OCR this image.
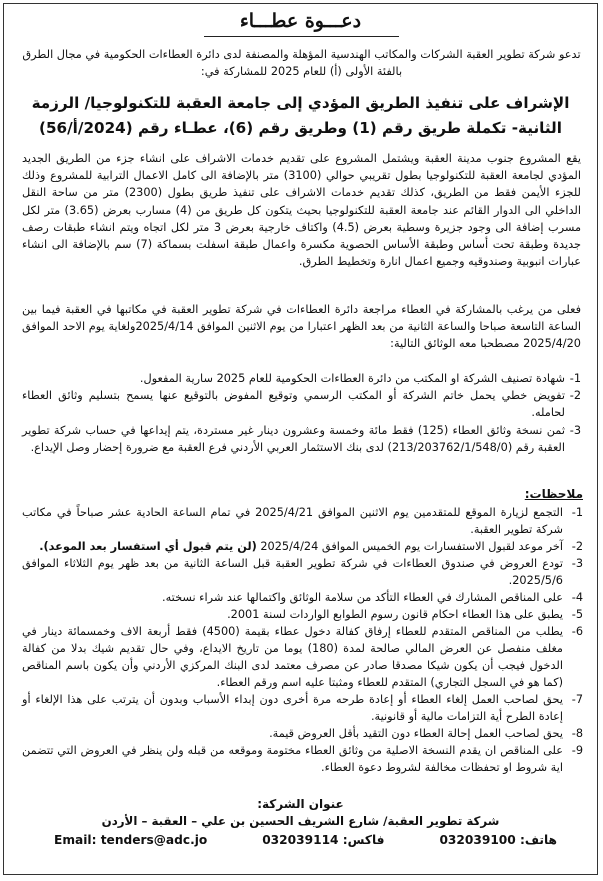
دعـــوة عطـــاء

تدعو شركة تطوير العقبة الشركات والمكاتب الهندسية المؤهلة والمصنفة لدى دائرة العطاءات الحكومية في مجال الطرق بالفئة الأولى (أ) للعام 2025 للمشاركة في:

الإشراف على تنفيذ الطريق المؤدي إلى جامعة العقبة للتكنولوجيا/ الرزمة الثانية- تكملة طريق رقم (1) وطريق رقم (6)، عطـاء رقم (2024/أ/56)

يقع المشروع جنوب مدينة العقبة ويشتمل المشروع على تقديم خدمات الاشراف على انشاء جزء من الطريق الجديد المؤدي لجامعة العقبة للتكنولوجيا بطول تقريبي حوالي (3100) متر بالإضافة الى كامل الاعمال الترابية للمشروع وذلك للجزء الأيمن فقط من الطريق، كذلك تقديم خدمات الاشراف على تنفيذ طريق بطول (2300) متر من ساحة النقل الداخلي الى الدوار القائم عند جامعة العقبة للتكنولوجيا بحيث يتكون كل طريق من (4) مسارب بعرض (3.65) متر لكل مسرب إضافة الى وجود جزيرة وسطية بعرض (4.5) واكتاف خارجية بعرض 3 متر لكل اتجاه ويتم انشاء طبقات رصف جديدة وطبقة تحت أساس وطبقة الأساس الحصوية مكسرة واعمال طبقة اسفلت بسماكة (7) سم بالإضافة الى انشاء عبارات انبوبية وصندوقيه وجميع اعمال انارة وتخطيط الطرق.

فعلى من يرغب بالمشاركة في العطاء مراجعة دائرة العطاءات في شركة تطوير العقبة في مكاتبها في العقبة فيما بين الساعة التاسعة صباحا والساعة الثانية من بعد الظهر اعتبارا من يوم الاثنين الموافق 2025/4/14ولغاية يوم الاحد الموافق 2025/4/20 مصطحبا معه الوثائق التالية:

1-
شهادة تصنيف الشركة او المكتب من دائرة العطاءات الحكومية للعام 2025 سارية المفعول.
2-
تفويض خطي يحمل خاتم الشركة أو المكتب الرسمي وتوقيع المفوض بالتوقيع عنها يسمح بتسليم وثائق العطاء لحامله.
3-
ثمن نسخة وثائق العطاء (125) فقط مائة وخمسة وعشرون دينار غير مستردة، يتم إيداعها في حساب شركة تطوير العقبة رقم (213/203762/1/548/0) لدى بنك الاستثمار العربي الأردني فرع العقبة مع ضرورة إحضار وصل الإيداع.
ملاحظات:
1-
التجمع لزيارة الموقع للمتقدمين يوم الاثنين الموافق 2025/4/21 في تمام الساعة الحادية عشر صباحاً في مكاتب شركة تطوير العقبة.
2-
آخر موعد لقبول الاستفسارات يوم الخميس الموافق 2025/4/24 (لن يتم قبول أي استفسار بعد الموعد).
3-
تودع العروض في صندوق العطاءات في شركة تطوير العقبة قبل الساعة الثانية من بعد ظهر يوم الثلاثاء الموافق 2025/5/6.
4-
على المناقص المشارك في العطاء التأكد من سلامة الوثائق واكتمالها عند شراء نسخته.
5-
يطبق على هذا العطاء احكام قانون رسوم الطوابع الواردات لسنة 2001.
6-
يطلب من المناقص المتقدم للعطاء إرفاق كفالة دخول عطاء بقيمة (4500) فقط أربعة الاف وخمسمائة دينار في مغلف منفصل عن العرض المالي صالحة لمدة (180) يوما من تاريخ الايداع، وفي حال تقديم شيك بدلا من كفالة الدخول فيجب أن يكون شيكا مصدقا صادر عن مصرف معتمد لدى البنك المركزي الأردني وأن يكون باسم المناقص (كما هو في السجل التجاري) المتقدم للعطاء ومثبتا عليه اسم ورقم العطاء.
7-
يحق لصاحب العمل إلغاء العطاء أو إعادة طرحه مرة أخرى دون إبداء الأسباب وبدون أن يترتب على هذا الإلغاء أو إعادة الطرح أية التزامات مالية أو قانونية.
8-
يحق لصاحب العمل إحالة العطاء دون التقيد بأقل العروض قيمة.
9-
على المناقص ان يقدم النسخة الاصلية من وثائق العطاء مختومة وموقعه من قبله ولن ينظر في العروض التي تتضمن اية شروط او تحفظات مخالفة لشروط دعوة العطاء.
عنوان الشركة:
شركة تطوير العقبة/ شارع الشريف الحسين بن علي – العقبة – الأردن
Email: tenders@adc.jo	فاكس: 032039114	هاتف: 032039100
